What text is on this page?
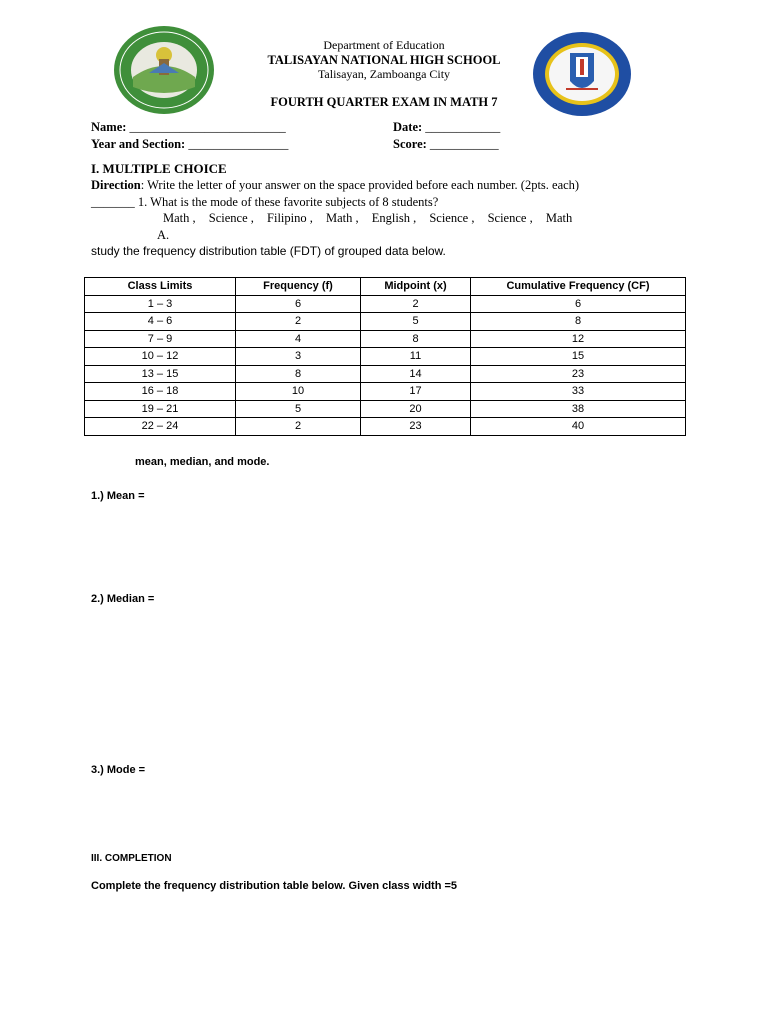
Department of Education
TALISAYAN NATIONAL HIGH SCHOOL
Talisayan, Zamboanga City
FOURTH QUARTER EXAM IN MATH 7
Name: _________________________	Date: ____________
Year and Section: ________________	Score: ___________
I. MULTIPLE CHOICE
Direction: Write the letter of your answer on the space provided before each number. (2pts. each)
_______ 1. What is the mode of these favorite subjects of 8 students?
Math , Science , Filipino , Math , English , Science , Science , Math
A.
study the frequency distribution table (FDT) of grouped data below.
Class Limits	Frequency (f)	Midpoint (x)	Cumulative Frequency (CF)
1 – 3	6	2	6
4 – 6	2	5	8
7 – 9	4	8	12
10 – 12	3	11	15
13 – 15	8	14	23
16 – 18	10	17	33
19 – 21	5	20	38
22 – 24	2	23	40
mean, median, and mode.
1.) Mean =
2.) Median =
3.) Mode =
III. COMPLETION
Complete the frequency distribution table below. Given class width =5
